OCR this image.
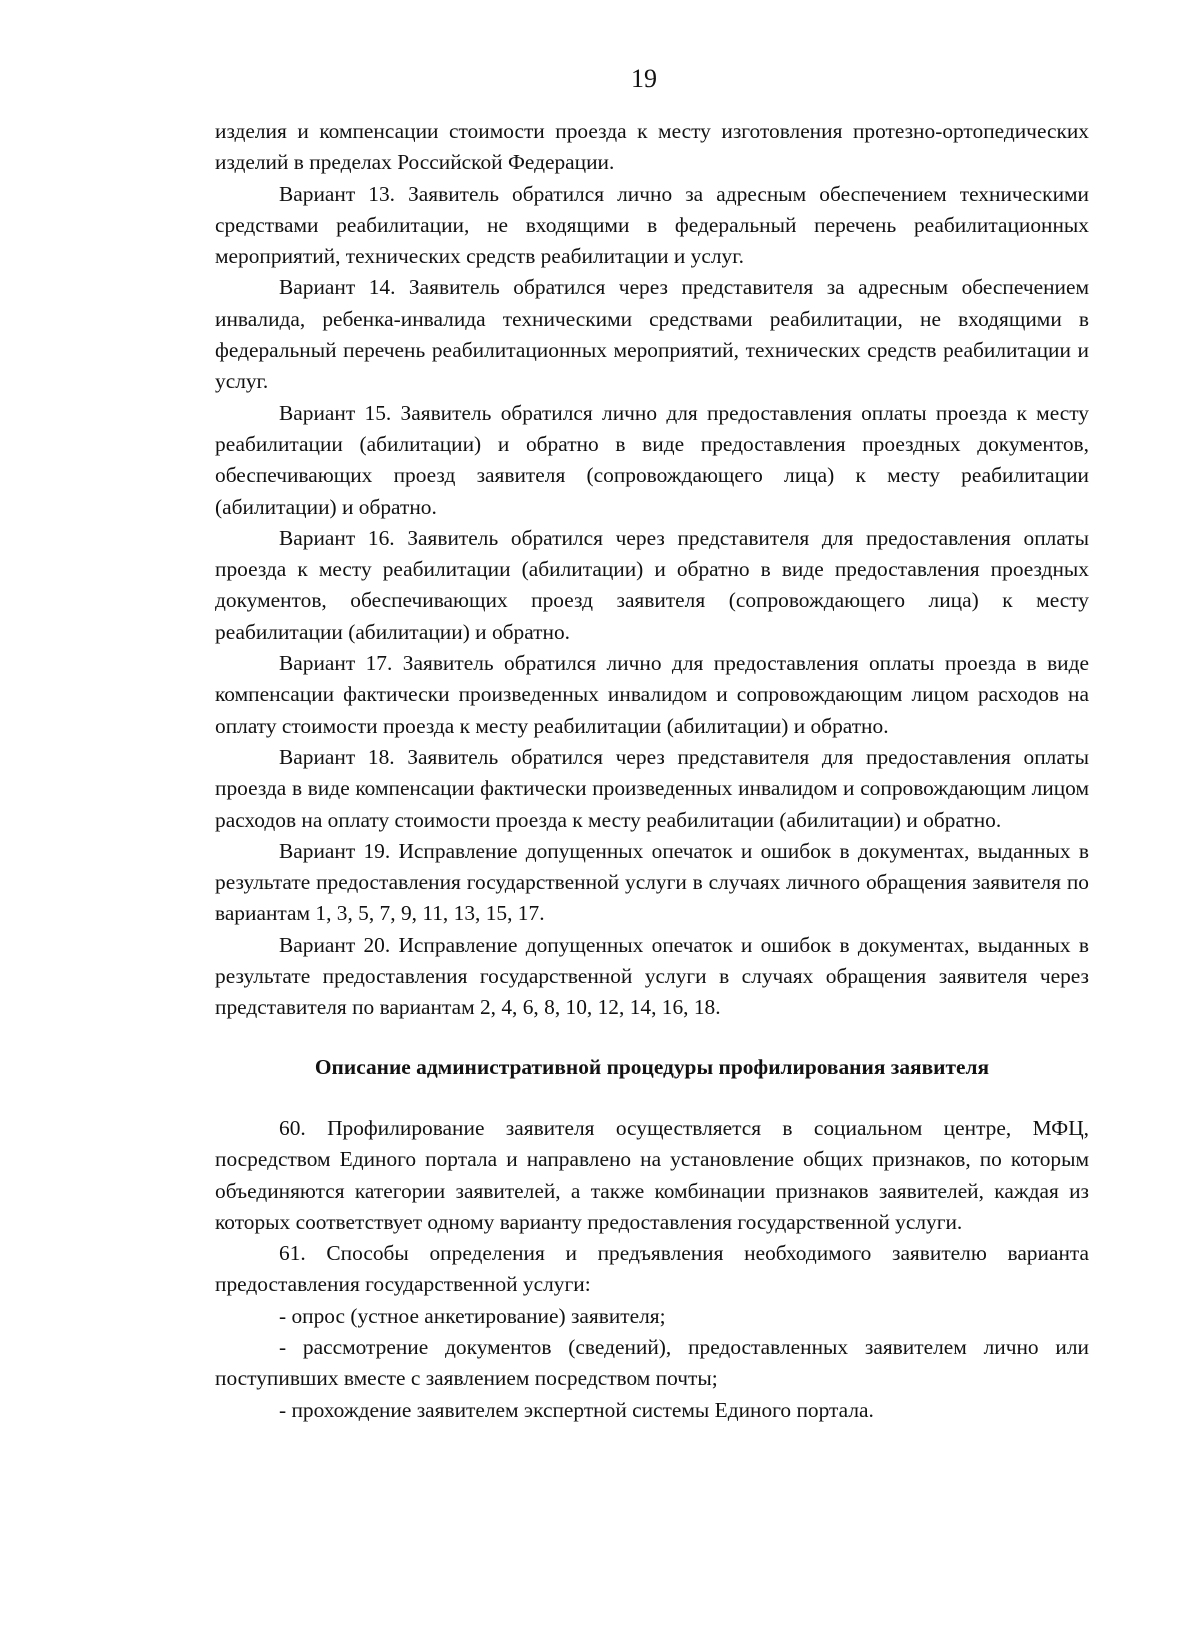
19

изделия и компенсации стоимости проезда к месту изготовления протезно-ортопедических изделий в пределах Российской Федерации.

Вариант 13. Заявитель обратился лично за адресным обеспечением техническими средствами реабилитации, не входящими в федеральный перечень реабилитационных мероприятий, технических средств реабилитации и услуг.

Вариант 14. Заявитель обратился через представителя за адресным обеспечением инвалида, ребенка-инвалида техническими средствами реабилитации, не входящими в федеральный перечень реабилитационных мероприятий, технических средств реабилитации и услуг.

Вариант 15. Заявитель обратился лично для предоставления оплаты проезда к месту реабилитации (абилитации) и обратно в виде предоставления проездных документов, обеспечивающих проезд заявителя (сопровождающего лица) к месту реабилитации (абилитации) и обратно.

Вариант 16. Заявитель обратился через представителя для предоставления оплаты проезда к месту реабилитации (абилитации) и обратно в виде предоставления проездных документов, обеспечивающих проезд заявителя (сопровождающего лица) к месту реабилитации (абилитации) и обратно.

Вариант 17. Заявитель обратился лично для предоставления оплаты проезда в виде компенсации фактически произведенных инвалидом и сопровождающим лицом расходов на оплату стоимости проезда к месту реабилитации (абилитации) и обратно.

Вариант 18. Заявитель обратился через представителя для предоставления оплаты проезда в виде компенсации фактически произведенных инвалидом и сопровождающим лицом расходов на оплату стоимости проезда к месту реабилитации (абилитации) и обратно.

Вариант 19. Исправление допущенных опечаток и ошибок в документах, выданных в результате предоставления государственной услуги в случаях личного обращения заявителя по вариантам 1, 3, 5, 7, 9, 11, 13, 15, 17.

Вариант 20. Исправление допущенных опечаток и ошибок в документах, выданных в результате предоставления государственной услуги в случаях обращения заявителя через представителя по вариантам 2, 4, 6, 8, 10, 12, 14, 16, 18.

Описание административной процедуры профилирования заявителя

60. Профилирование заявителя осуществляется в социальном центре, МФЦ, посредством Единого портала и направлено на установление общих признаков, по которым объединяются категории заявителей, а также комбинации признаков заявителей, каждая из которых соответствует одному варианту предоставления государственной услуги.

61. Способы определения и предъявления необходимого заявителю варианта предоставления государственной услуги:

- опрос (устное анкетирование) заявителя;

- рассмотрение документов (сведений), предоставленных заявителем лично или поступивших вместе с заявлением посредством почты;

- прохождение заявителем экспертной системы Единого портала.
